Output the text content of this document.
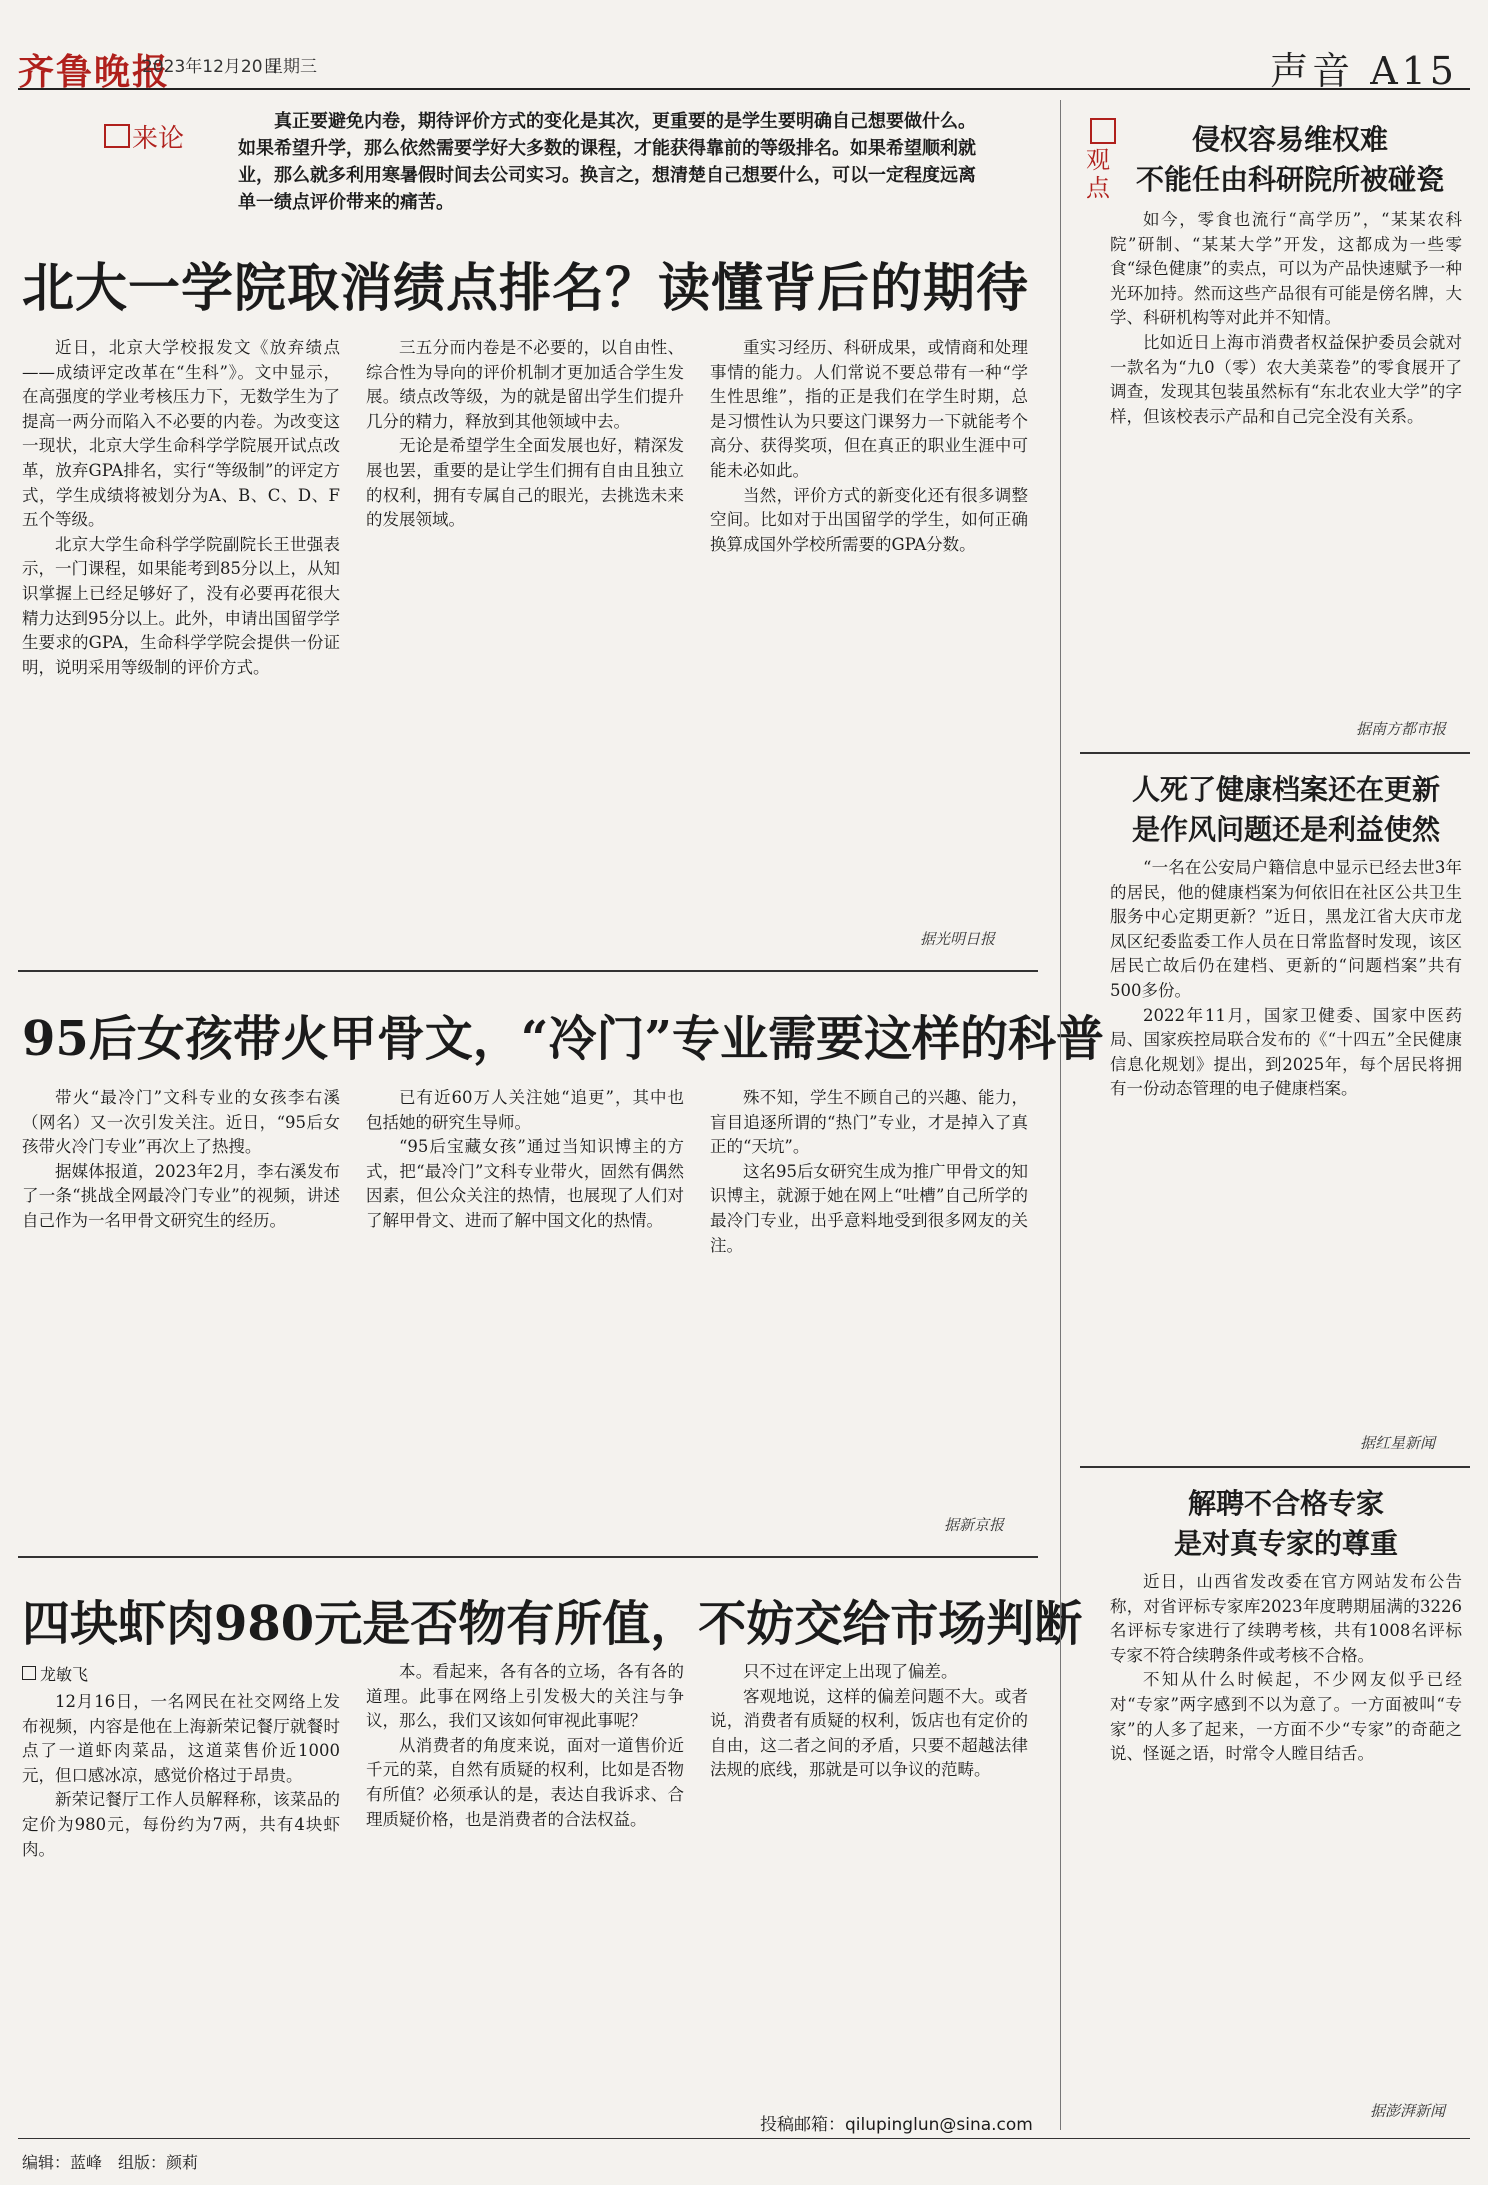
齐鲁晚报
2023年12月20日
星期三	声音 A15
来论
真正要避免内卷，期待评价方式的变化是其次，更重要的是学生要明确自己想要做什么。如果希望升学，那么依然需要学好大多数的课程，才能获得靠前的等级排名。如果希望顺利就业，那么就多利用寒暑假时间去公司实习。换言之，想清楚自己想要什么，可以一定程度远离单一绩点评价带来的痛苦。
北大一学院取消绩点排名？读懂背后的期待

近日，北京大学校报发文《放弃绩点——成绩评定改革在“生科”》。文中显示，在高强度的学业考核压力下，无数学生为了提高一两分而陷入不必要的内卷。为改变这一现状，北京大学生命科学学院展开试点改革，放弃GPA排名，实行“等级制”的评定方式，学生成绩将被划分为A、B、C、D、F五个等级。

北京大学生命科学学院副院长王世强表示，一门课程，如果能考到85分以上，从知识掌握上已经足够好了，没有必要再花很大精力达到95分以上。此外，申请出国留学学生要求的GPA，生命科学学院会提供一份证明，说明采用等级制的评价方式。

三五分而内卷是不必要的，以自由性、综合性为导向的评价机制才更加适合学生发展。绩点改等级，为的就是留出学生们提升几分的精力，释放到其他领域中去。

无论是希望学生全面发展也好，精深发展也罢，重要的是让学生们拥有自由且独立的权利，拥有专属自己的眼光，去挑选未来的发展领域。

重实习经历、科研成果，或情商和处理事情的能力。人们常说不要总带有一种“学生性思维”，指的正是我们在学生时期，总是习惯性认为只要这门课努力一下就能考个高分、获得奖项，但在真正的职业生涯中可能未必如此。

当然，评价方式的新变化还有很多调整空间。比如对于出国留学的学生，如何正确换算成国外学校所需要的GPA分数。

据光明日报
95后女孩带火甲骨文，“冷门”专业需要这样的科普

带火“最冷门”文科专业的女孩李右溪（网名）又一次引发关注。近日，“95后女孩带火冷门专业”再次上了热搜。

据媒体报道，2023年2月，李右溪发布了一条“挑战全网最冷门专业”的视频，讲述自己作为一名甲骨文研究生的经历。

已有近60万人关注她“追更”，其中也包括她的研究生导师。

“95后宝藏女孩”通过当知识博主的方式，把“最冷门”文科专业带火，固然有偶然因素，但公众关注的热情，也展现了人们对了解甲骨文、进而了解中国文化的热情。

殊不知，学生不顾自己的兴趣、能力，盲目追逐所谓的“热门”专业，才是掉入了真正的“天坑”。

这名95后女研究生成为推广甲骨文的知识博主，就源于她在网上“吐槽”自己所学的最冷门专业，出乎意料地受到很多网友的关注。

据新京报
四块虾肉980元是否物有所值，不妨交给市场判断
龙敏飞

12月16日，一名网民在社交网络上发布视频，内容是他在上海新荣记餐厅就餐时点了一道虾肉菜品，这道菜售价近1000元，但口感冰凉，感觉价格过于昂贵。

新荣记餐厅工作人员解释称，该菜品的定价为980元，每份约为7两，共有4块虾肉。

本。看起来，各有各的立场，各有各的道理。此事在网络上引发极大的关注与争议，那么，我们又该如何审视此事呢？

从消费者的角度来说，面对一道售价近千元的菜，自然有质疑的权利，比如是否物有所值？必须承认的是，表达自我诉求、合理质疑价格，也是消费者的合法权益。

只不过在评定上出现了偏差。

客观地说，这样的偏差问题不大。或者说，消费者有质疑的权利，饭店也有定价的自由，这二者之间的矛盾，只要不超越法律法规的底线，那就是可以争议的范畴。

投稿邮箱：qilupinglun@sina.com
观点
侵权容易维权难
不能任由科研院所被碰瓷

如今，零食也流行“高学历”，“某某农科院”研制、“某某大学”开发，这都成为一些零食“绿色健康”的卖点，可以为产品快速赋予一种光环加持。然而这些产品很有可能是傍名牌，大学、科研机构等对此并不知情。

比如近日上海市消费者权益保护委员会就对一款名为“九0（零）农大美菜卷”的零食展开了调查，发现其包装虽然标有“东北农业大学”的字样，但该校表示产品和自己完全没有关系。

据南方都市报
人死了健康档案还在更新
是作风问题还是利益使然

“一名在公安局户籍信息中显示已经去世3年的居民，他的健康档案为何依旧在社区公共卫生服务中心定期更新？”近日，黑龙江省大庆市龙凤区纪委监委工作人员在日常监督时发现，该区居民亡故后仍在建档、更新的“问题档案”共有500多份。

2022年11月，国家卫健委、国家中医药局、国家疾控局联合发布的《“十四五”全民健康信息化规划》提出，到2025年，每个居民将拥有一份动态管理的电子健康档案。

据红星新闻
解聘不合格专家
是对真专家的尊重

近日，山西省发改委在官方网站发布公告称，对省评标专家库2023年度聘期届满的3226名评标专家进行了续聘考核，共有1008名评标专家不符合续聘条件或考核不合格。

不知从什么时候起，不少网友似乎已经对“专家”两字感到不以为意了。一方面被叫“专家”的人多了起来，一方面不少“专家”的奇葩之说、怪诞之语，时常令人瞠目结舌。

据澎湃新闻
编辑：蓝峰　组版：颜莉
